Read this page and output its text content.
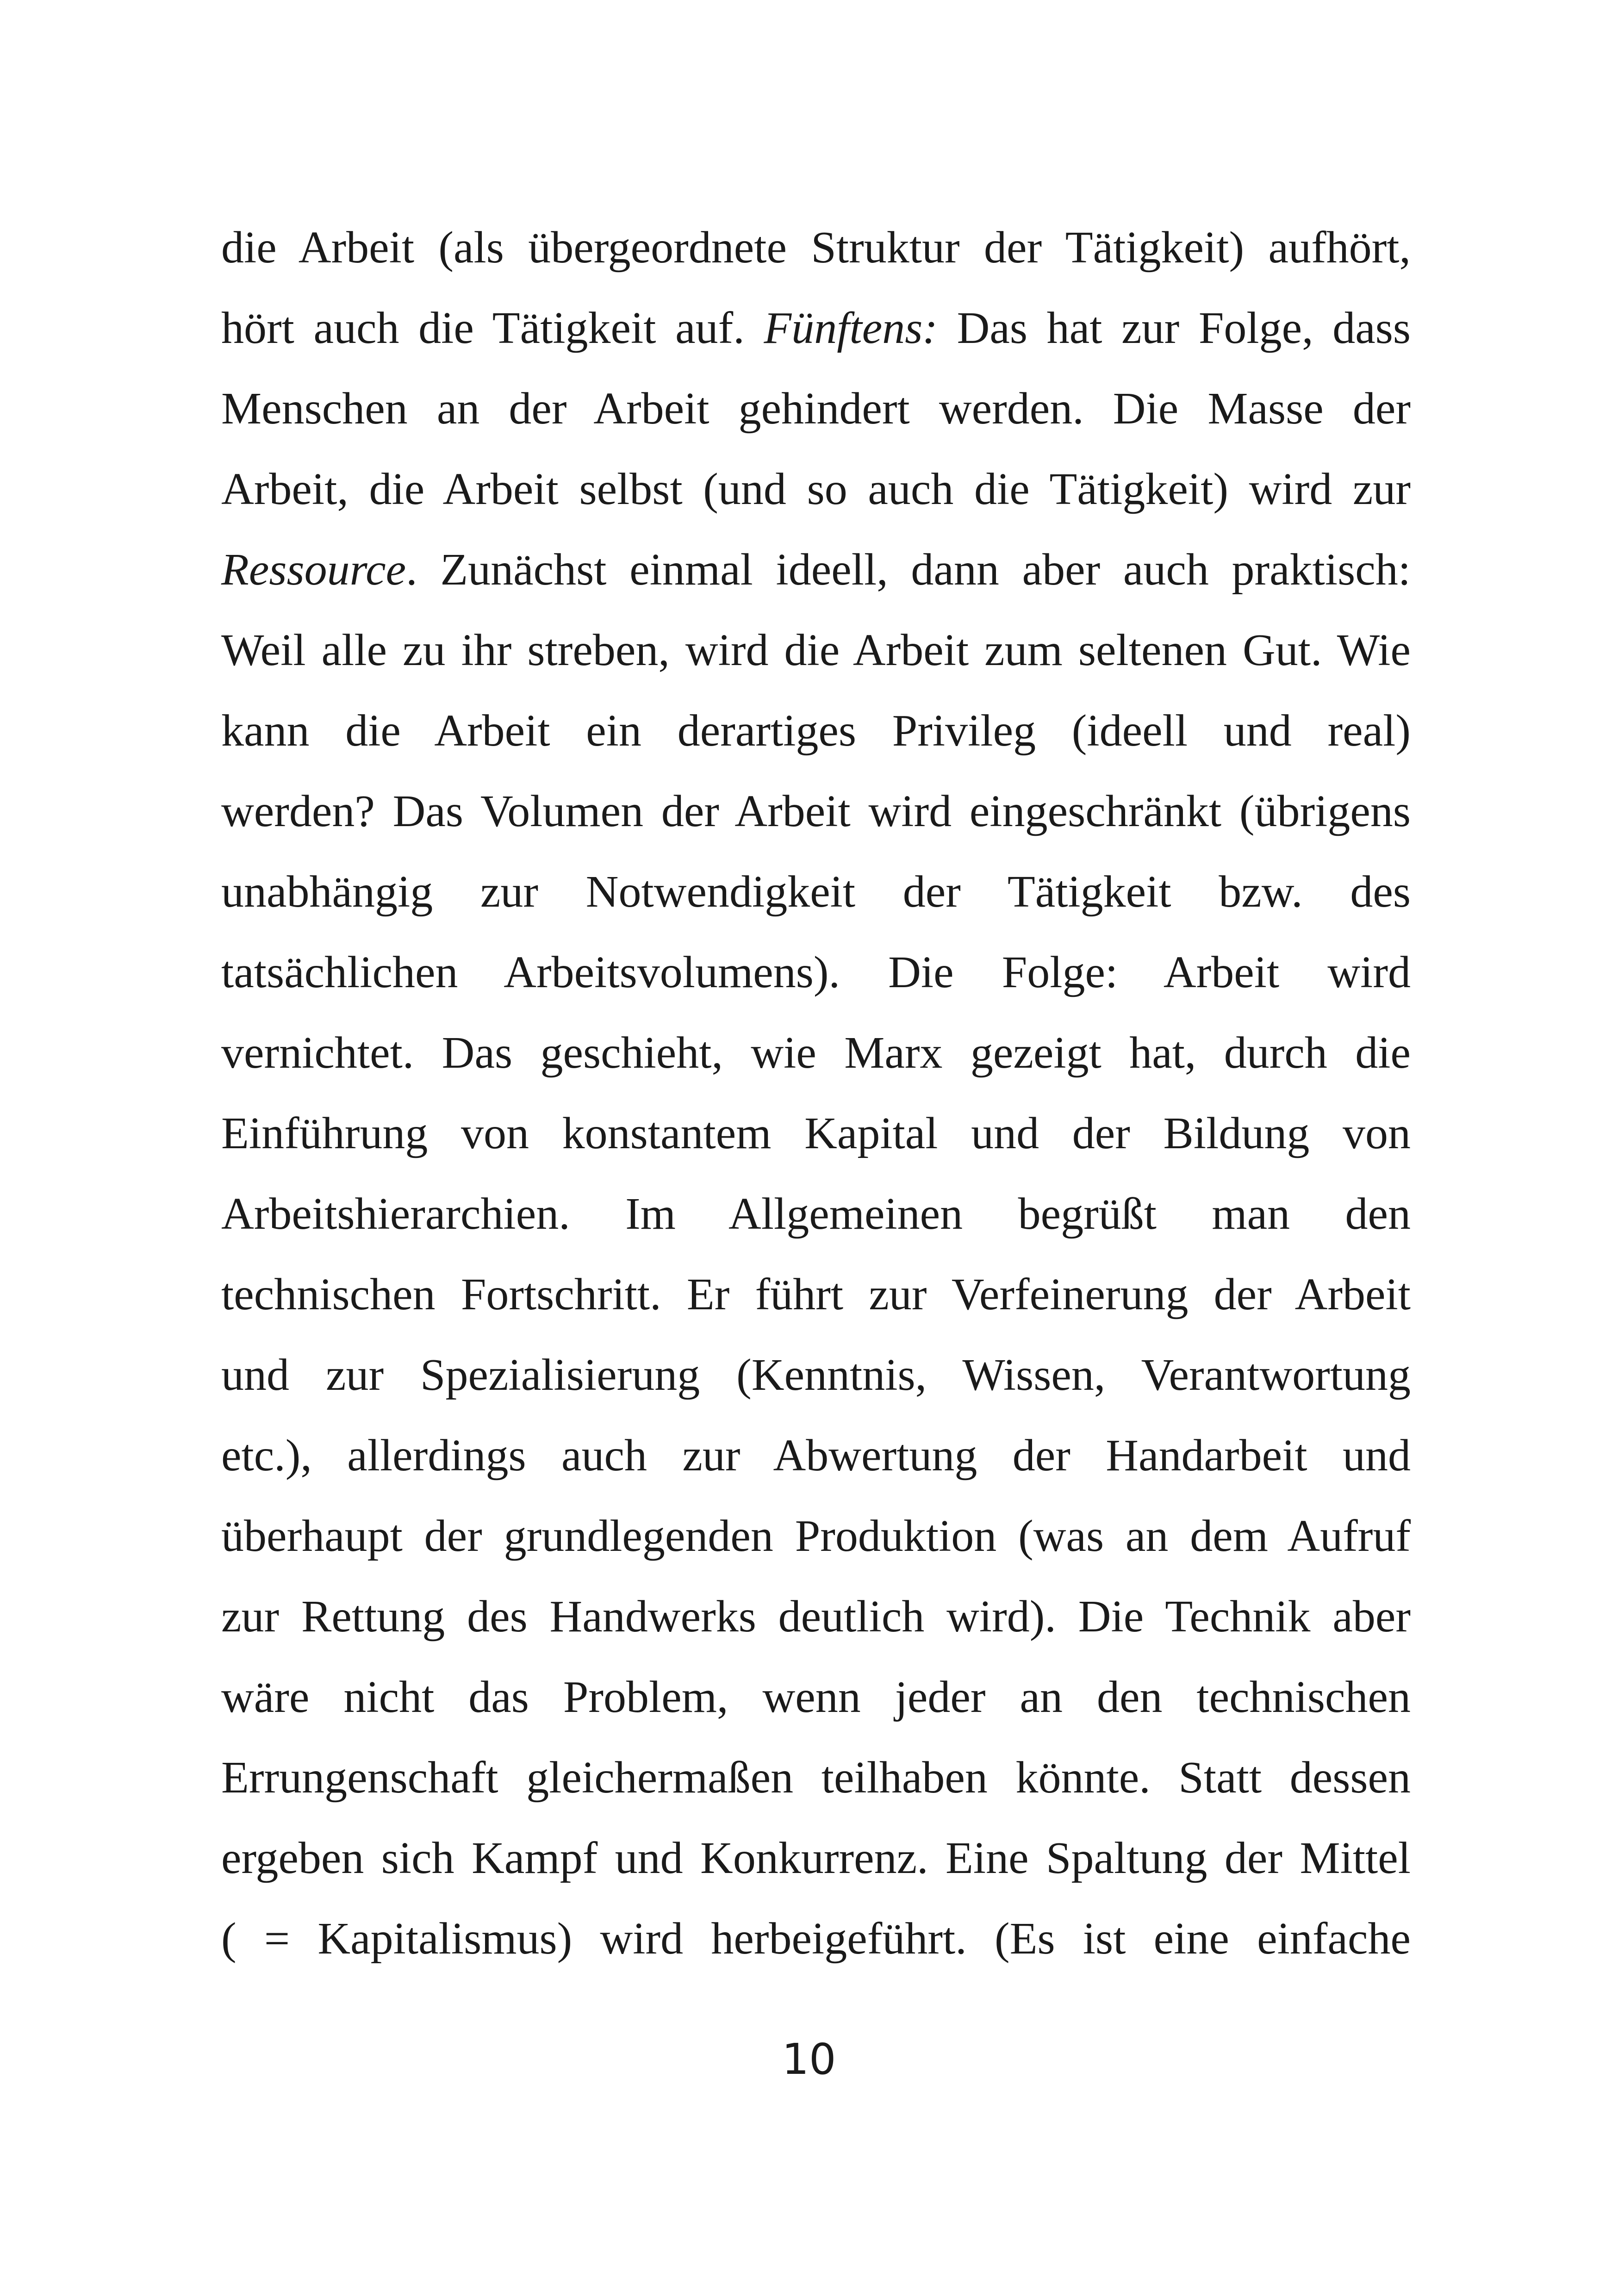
die Arbeit (als übergeordnete Struktur der Tätigkeit) aufhört,
hört auch die Tätigkeit auf. Fünftens: Das hat zur Folge, dass
Menschen an der Arbeit gehindert werden. Die Masse der
Arbeit, die Arbeit selbst (und so auch die Tätigkeit) wird zur
Ressource. Zunächst einmal ideell, dann aber auch praktisch:
Weil alle zu ihr streben, wird die Arbeit zum seltenen Gut. Wie
kann die Arbeit ein derartiges Privileg (ideell und real)
werden? Das Volumen der Arbeit wird eingeschränkt (übrigens
unabhängig zur Notwendigkeit der Tätigkeit bzw. des
tatsächlichen Arbeitsvolumens). Die Folge: Arbeit wird
vernichtet. Das geschieht, wie Marx gezeigt hat, durch die
Einführung von konstantem Kapital und der Bildung von
Arbeitshierarchien. Im Allgemeinen begrüßt man den
technischen Fortschritt. Er führt zur Verfeinerung der Arbeit
und zur Spezialisierung (Kenntnis, Wissen, Verantwortung
etc.), allerdings auch zur Abwertung der Handarbeit und
überhaupt der grundlegenden Produktion (was an dem Aufruf
zur Rettung des Handwerks deutlich wird). Die Technik aber
wäre nicht das Problem, wenn jeder an den technischen
Errungenschaft gleichermaßen teilhaben könnte. Statt dessen
ergeben sich Kampf und Konkurrenz. Eine Spaltung der Mittel
( = Kapitalismus) wird herbeigeführt. (Es ist eine einfache
10
